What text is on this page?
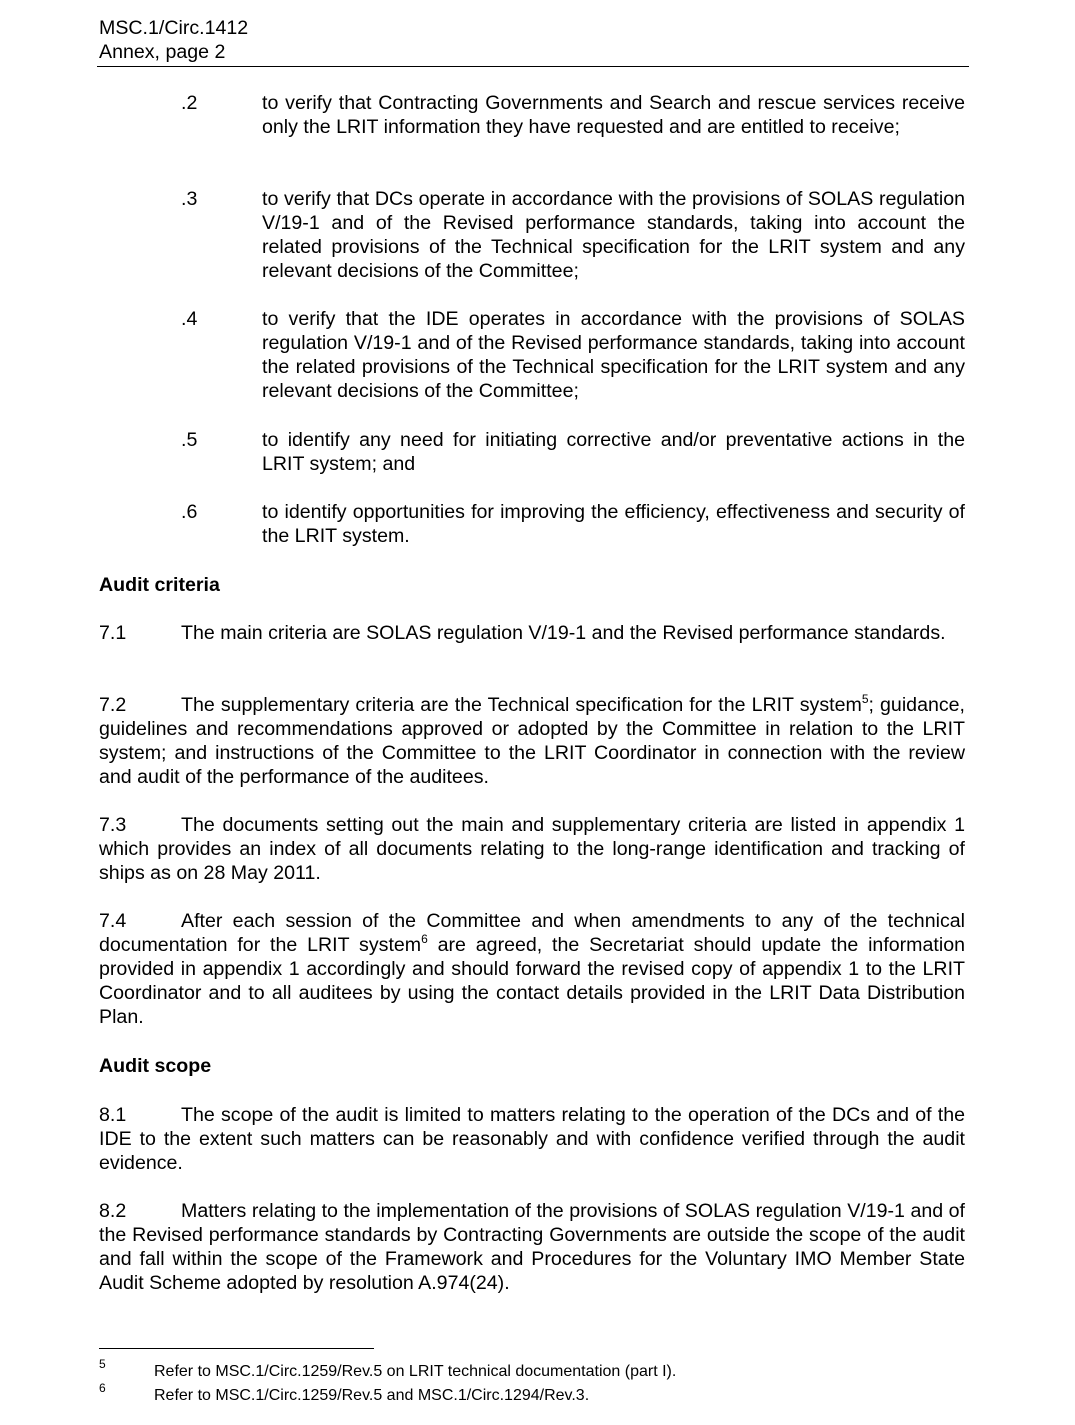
MSC.1/Circ.1412
Annex, page 2
.2	to verify that Contracting Governments and Search and rescue services receive only the LRIT information they have requested and are entitled to receive;
.3	to verify that DCs operate in accordance with the provisions of SOLAS regulation V/19-1 and of the Revised performance standards, taking into account the related provisions of the Technical specification for the LRIT system and any relevant decisions of the Committee;
.4	to verify that the IDE operates in accordance with the provisions of SOLAS regulation V/19-1 and of the Revised performance standards, taking into account the related provisions of the Technical specification for the LRIT system and any relevant decisions of the Committee;
.5	to identify any need for initiating corrective and/or preventative actions in the LRIT system; and
.6	to identify opportunities for improving the efficiency, effectiveness and security of the LRIT system.
Audit criteria
7.1	The main criteria are SOLAS regulation V/19-1 and the Revised performance standards.
7.2	The supplementary criteria are the Technical specification for the LRIT system$^5$; guidance, guidelines and recommendations approved or adopted by the Committee in relation to the LRIT system; and instructions of the Committee to the LRIT Coordinator in connection with the review and audit of the performance of the auditees.
7.3	The documents setting out the main and supplementary criteria are listed in appendix 1 which provides an index of all documents relating to the long-range identification and tracking of ships as on 28 May 2011.
7.4	After each session of the Committee and when amendments to any of the technical documentation for the LRIT system$^6$ are agreed, the Secretariat should update the information provided in appendix 1 accordingly and should forward the revised copy of appendix 1 to the LRIT Coordinator and to all auditees by using the contact details provided in the LRIT Data Distribution Plan.
Audit scope
8.1	The scope of the audit is limited to matters relating to the operation of the DCs and of the IDE to the extent such matters can be reasonably and with confidence verified through the audit evidence.
8.2	Matters relating to the implementation of the provisions of SOLAS regulation V/19-1 and of the Revised performance standards by Contracting Governments are outside the scope of the audit and fall within the scope of the Framework and Procedures for the Voluntary IMO Member State Audit Scheme adopted by resolution A.974(24).
5	Refer to MSC.1/Circ.1259/Rev.5 on LRIT technical documentation (part I).
6	Refer to MSC.1/Circ.1259/Rev.5 and MSC.1/Circ.1294/Rev.3.
